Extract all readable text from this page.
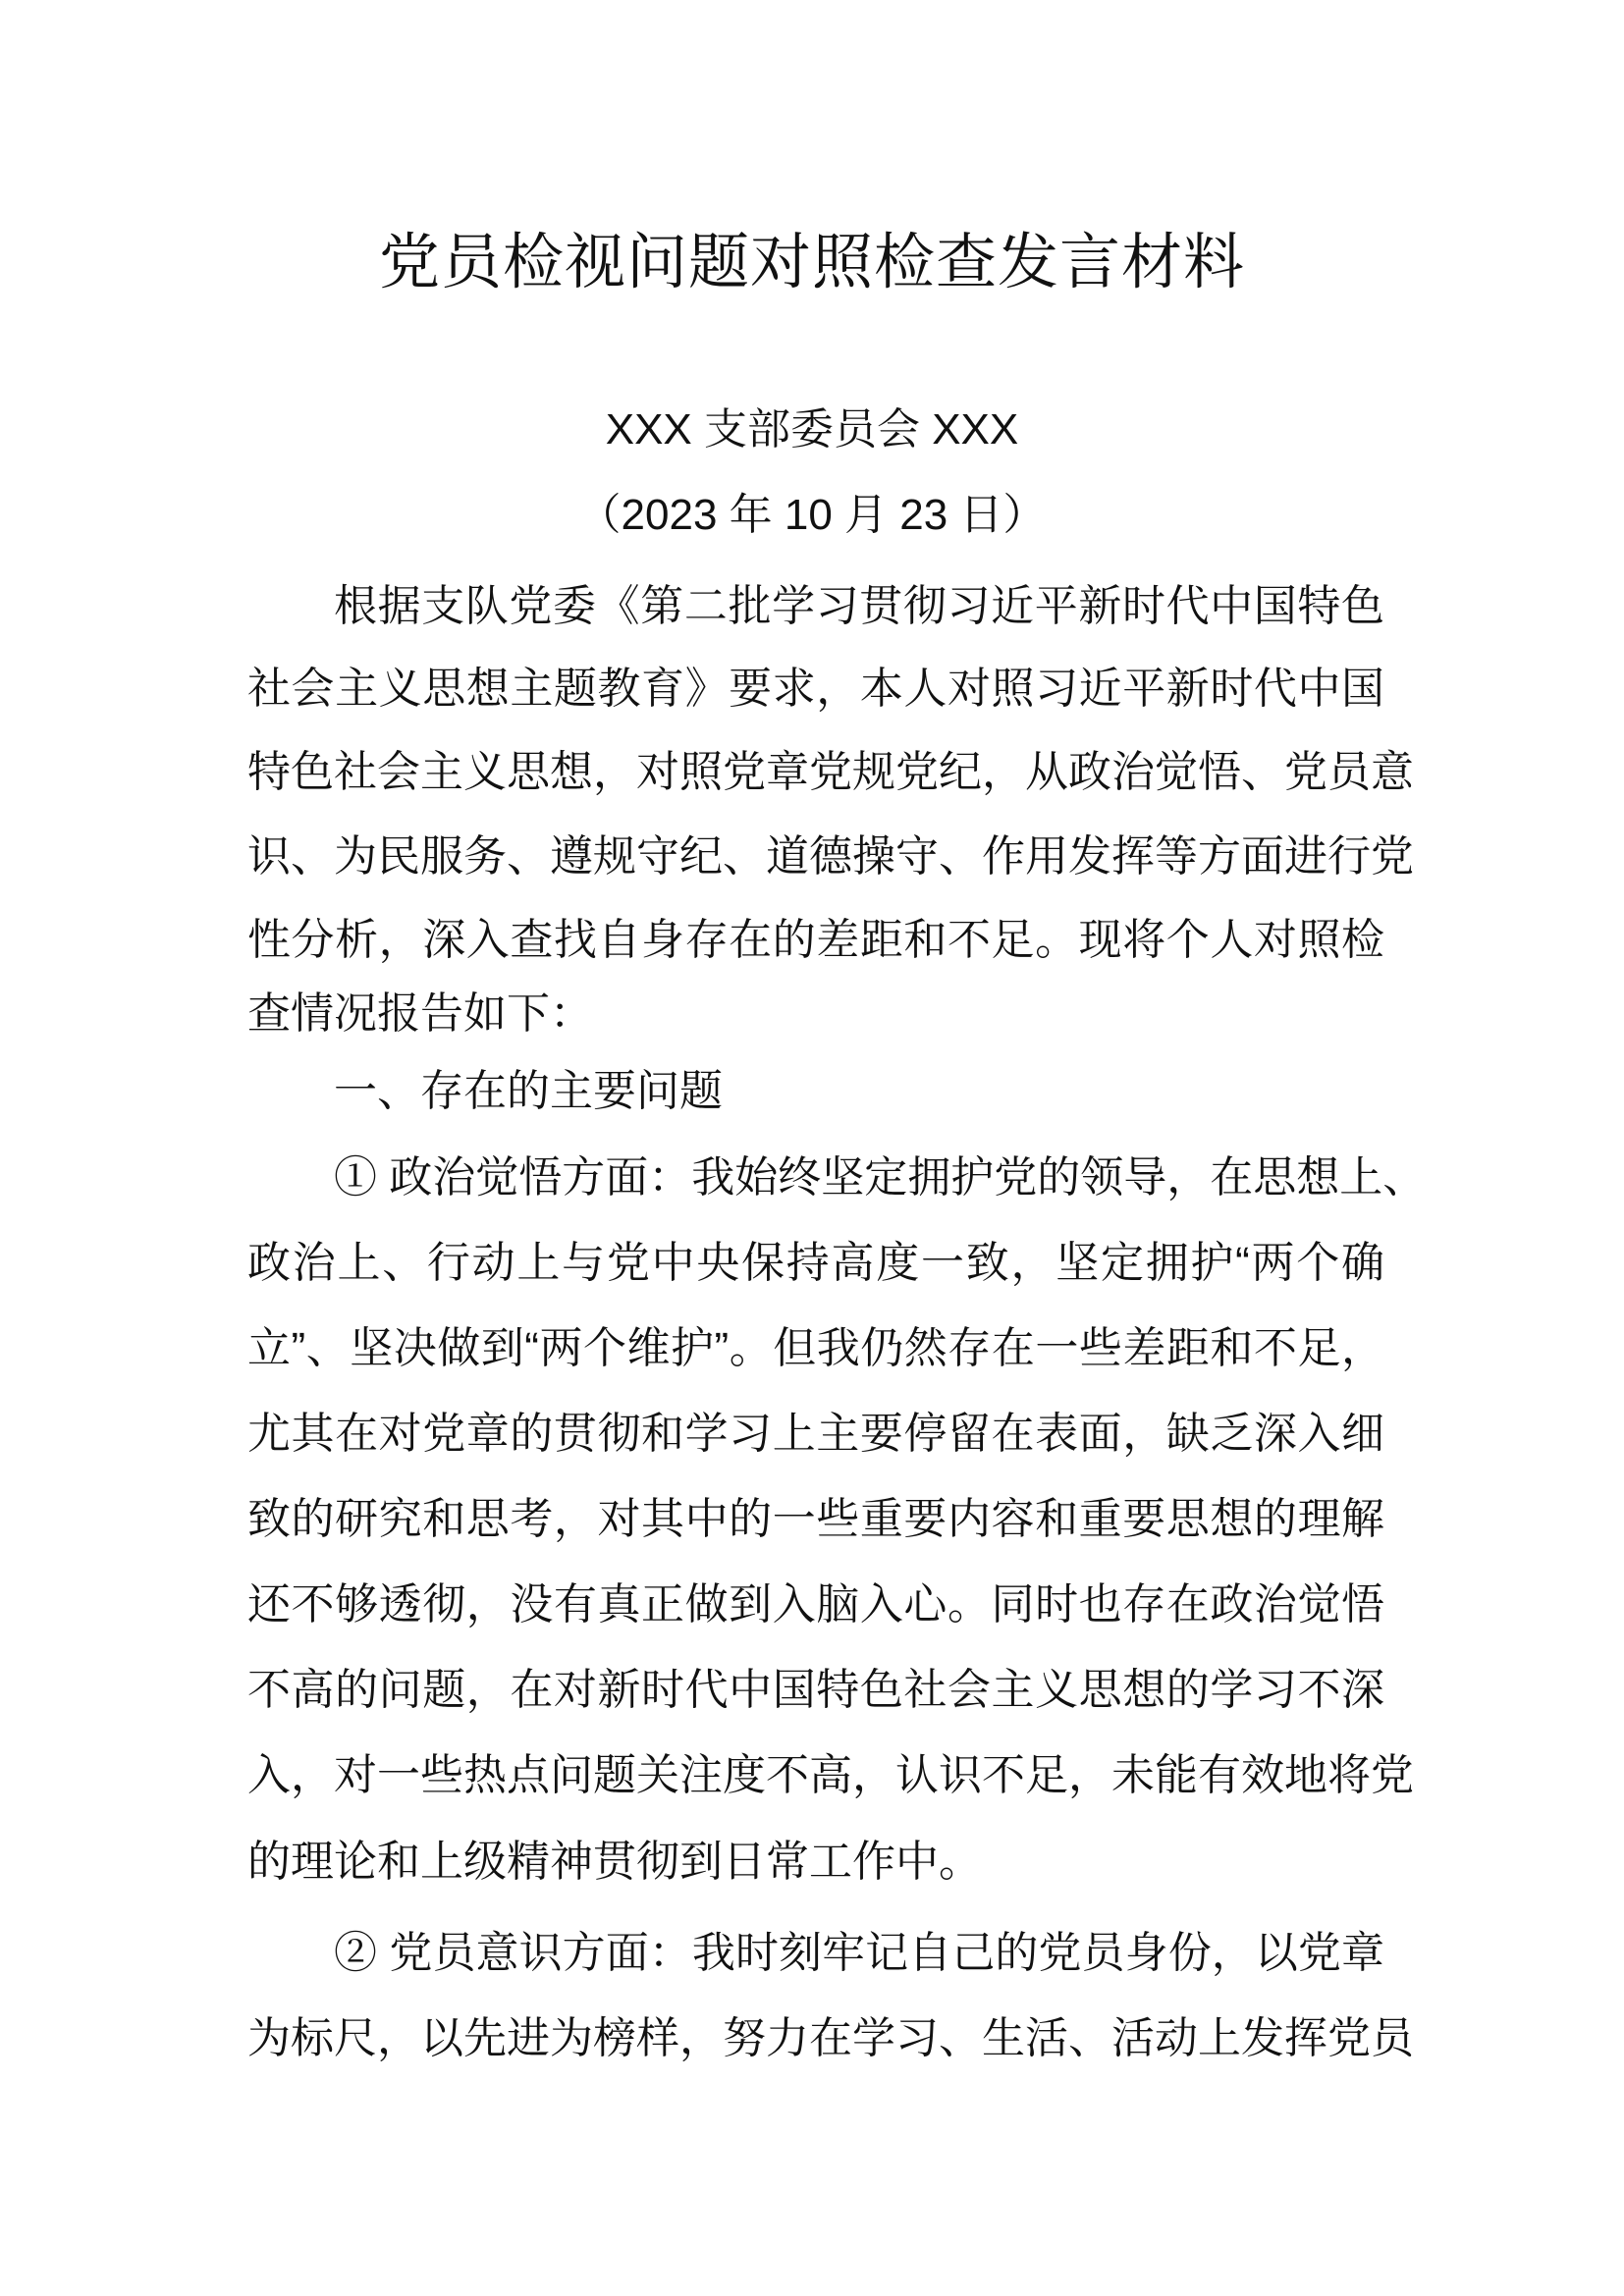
党员检视问题对照检查发言材料
XXX 支部委员会 XXX
（2023 年 10 月 23 日）
根据支队党委《第二批学习贯彻习近平新时代中国特色
社会主义思想主题教育》要求，本人对照习近平新时代中国
特色社会主义思想，对照党章党规党纪，从政治觉悟、党员意
识、为民服务、遵规守纪、道德操守、作用发挥等方面进行党
性分析，深入查找自身存在的差距和不足。现将个人对照检
查情况报告如下：
一、存在的主要问题
① 政治觉悟方面：我始终坚定拥护党的领导，在思想上、
政治上、行动上与党中央保持高度一致，坚定拥护“两个确
立”、坚决做到“两个维护”。但我仍然存在一些差距和不足，
尤其在对党章的贯彻和学习上主要停留在表面，缺乏深入细
致的研究和思考，对其中的一些重要内容和重要思想的理解
还不够透彻，没有真正做到入脑入心。同时也存在政治觉悟
不高的问题，在对新时代中国特色社会主义思想的学习不深
入，对一些热点问题关注度不高，认识不足，未能有效地将党
的理论和上级精神贯彻到日常工作中。
② 党员意识方面：我时刻牢记自己的党员身份，以党章
为标尺，以先进为榜样，努力在学习、生活、活动上发挥党员
